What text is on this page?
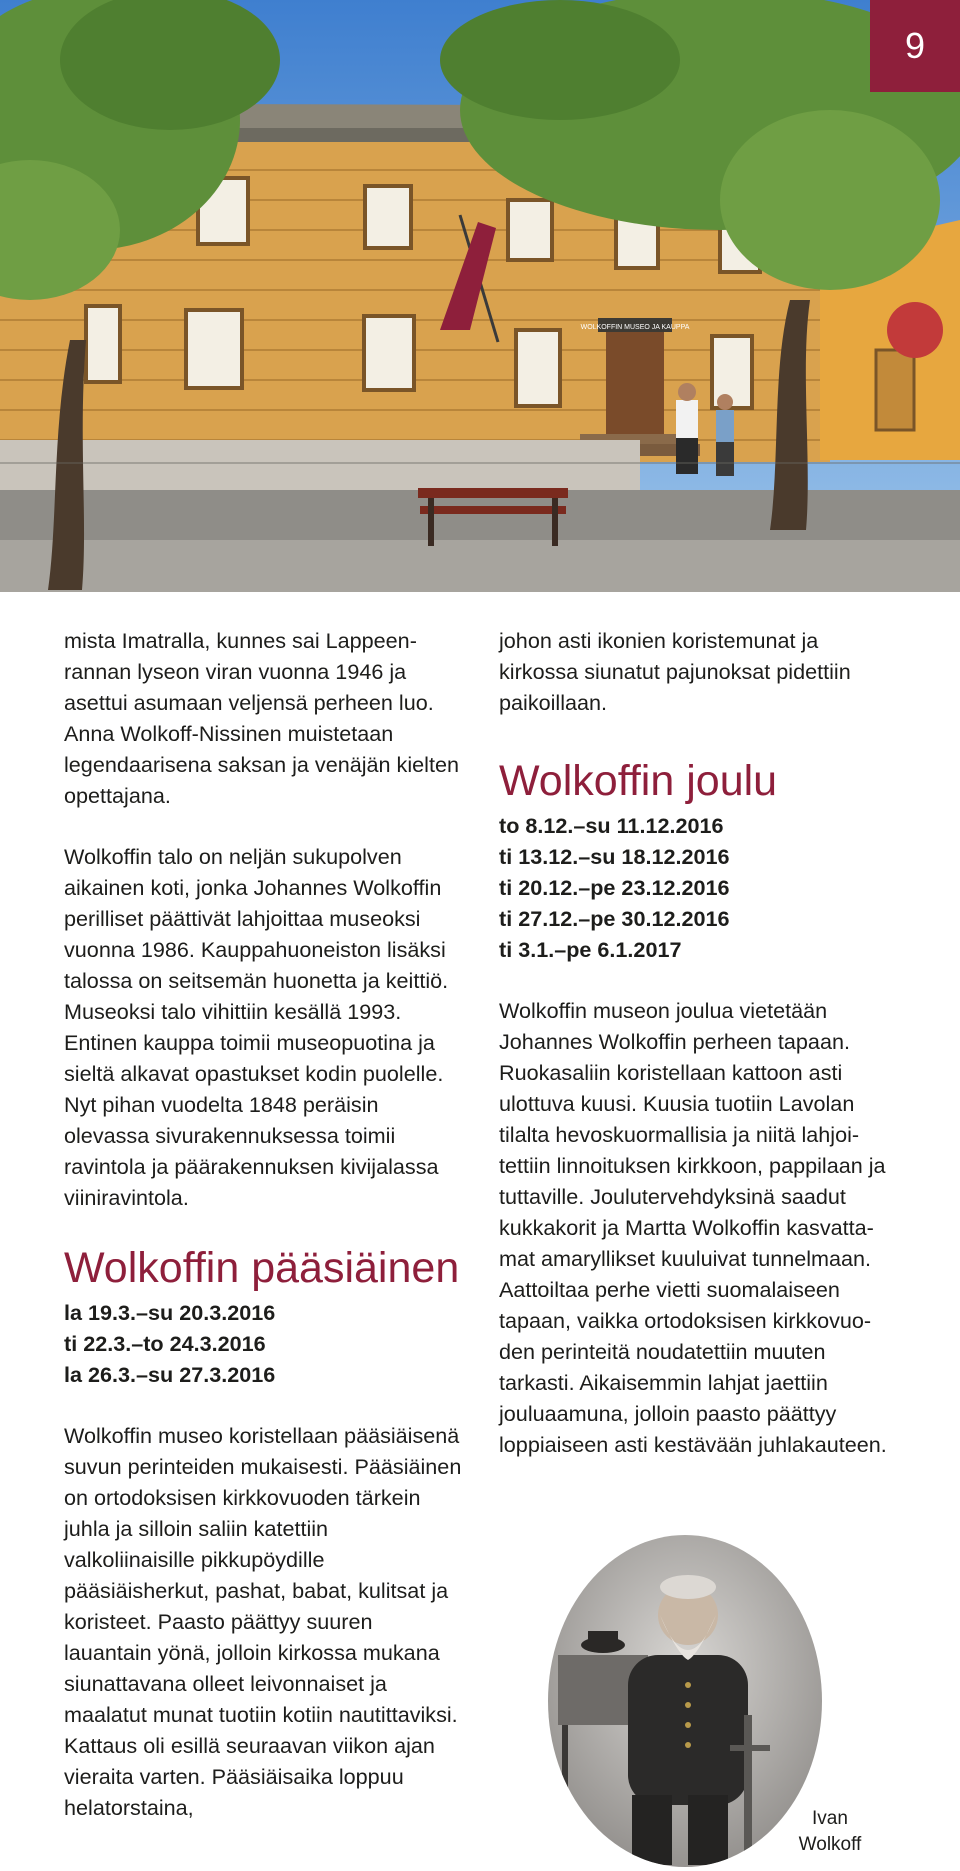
WOLKOFFIN MUSEO JA KAUPPA
9

mista Imatralla, kunnes sai Lappeenrannan lyseon viran vuonna 1946 ja asettui asumaan veljensä perheen luo. Anna Wolkoff-Nissinen muistetaan legendaarisena saksan ja venäjän kielten opettajana.

Wolkoffin talo on neljän sukupolven aikainen koti, jonka Johannes Wolkoffin perilliset päättivät lahjoittaa museoksi vuonna 1986. Kauppahuoneiston lisäksi talossa on seitsemän huonetta ja keittiö. Museoksi talo vihittiin kesällä 1993. Entinen kauppa toimii museopuotina ja sieltä alkavat opastukset kodin puolelle. Nyt pihan vuodelta 1848 peräisin olevassa sivurakennuksessa toimii ravintola ja päärakennuksen kivijalassa viiniravintola.

Wolkoffin pääsiäinen
la 19.3.–su 20.3.2016
ti 22.3.–to 24.3.2016
la 26.3.–su 27.3.2016

Wolkoffin museo koristellaan pääsiäisenä suvun perinteiden mukaisesti. Pääsiäinen on ortodoksisen kirkkovuoden tärkein juhla ja silloin saliin katettiin valkoliinaisille pikkupöydille pääsiäisherkut, pashat, babat, kulitsat ja koristeet. Paasto päättyy suuren lauantain yönä, jolloin kirkossa mukana siunattavana olleet leivonnaiset ja maalatut munat tuotiin kotiin nautittaviksi. Kattaus oli esillä seuraavan viikon ajan vieraita varten. Pääsiäisaika loppuu helatorstaina,

johon asti ikonien koristemunat ja kirkossa siunatut pajunoksat pidettiin paikoillaan.

Wolkoffin joulu
to 8.12.–su 11.12.2016
ti 13.12.–su 18.12.2016
ti 20.12.–pe 23.12.2016
ti 27.12.–pe 30.12.2016
ti 3.1.–pe 6.1.2017

Wolkoffin museon joulua vietetään Johannes Wolkoffin perheen tapaan. Ruokasaliin koristellaan kattoon asti ulottuva kuusi. Kuusia tuotiin Lavolan tilalta hevoskuormallisia ja niitä lahjoitettiin linnoituksen kirkkoon, pappilaan ja tuttaville. Joulutervehdyksinä saadut kukkakorit ja Martta Wolkoffin kasvattamat amaryllikset kuuluivat tunnelmaan. Aattoiltaa perhe vietti suomalaiseen tapaan, vaikka ortodoksisen kirkkovuoden perinteitä noudatettiin muuten tarkasti. Aikaisemmin lahjat jaettiin jouluaamuna, jolloin paasto päättyy loppiaiseen asti kestävään juhlakauteen.

Ivan
Wolkoff
